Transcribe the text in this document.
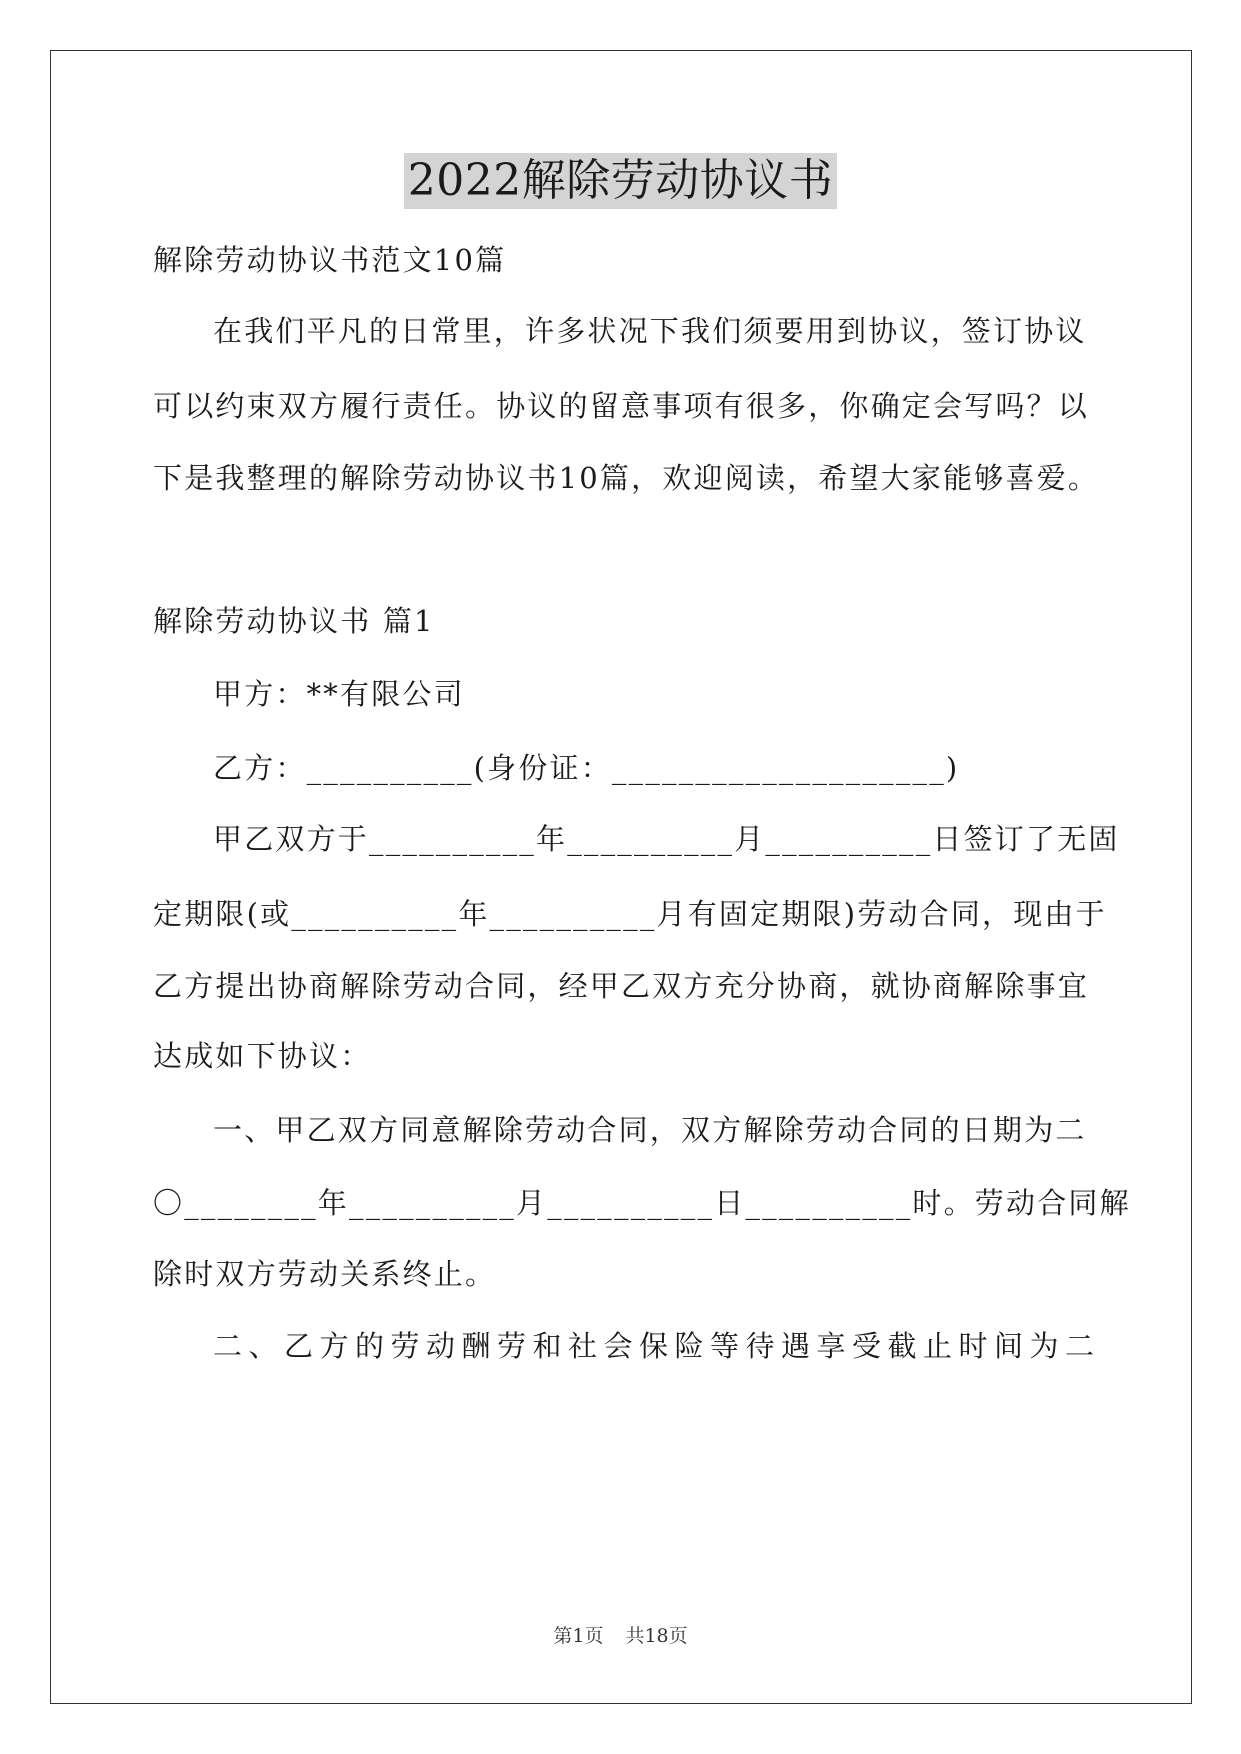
2022解除劳动协议书
解除劳动协议书范文10篇
在我们平凡的日常里，许多状况下我们须要用到协议，签订协议
可以约束双方履行责任。协议的留意事项有很多，你确定会写吗？以
下是我整理的解除劳动协议书10篇，欢迎阅读，希望大家能够喜爱。
解除劳动协议书 篇1
甲方：**有限公司
乙方：__________(身份证：____________________)
甲乙双方于__________年__________月__________日签订了无固
定期限(或__________年__________月有固定期限)劳动合同，现由于
乙方提出协商解除劳动合同，经甲乙双方充分协商，就协商解除事宜
达成如下协议：
一、甲乙双方同意解除劳动合同，双方解除劳动合同的日期为二
〇________年__________月__________日__________时。劳动合同解
除时双方劳动关系终止。
二、乙方的劳动酬劳和社会保险等待遇享受截止时间为二
第1页 共18页
